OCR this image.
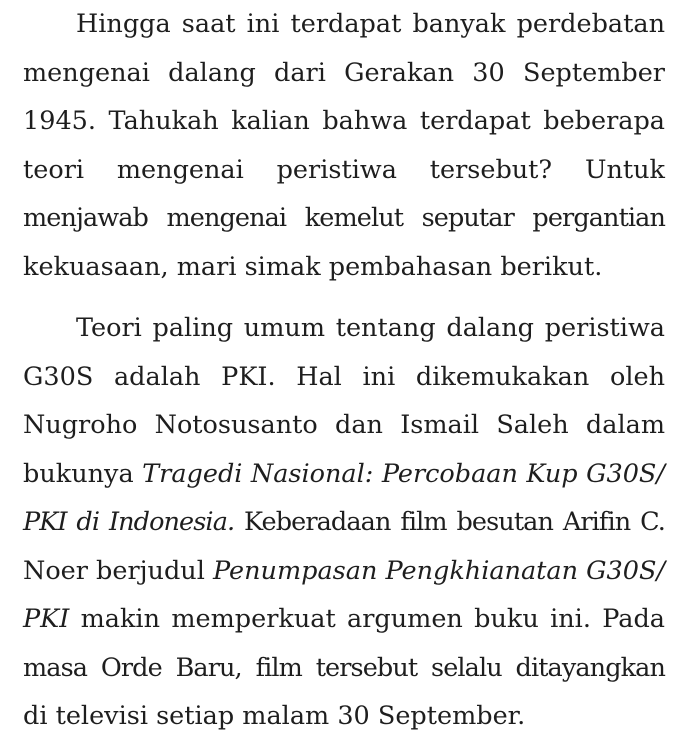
Hingga saat ini terdapat banyak perdebatan
mengenai dalang dari Gerakan 30 September
1945. Tahukah kalian bahwa terdapat beberapa
teori mengenai peristiwa tersebut? Untuk
menjawab mengenai kemelut seputar pergantian
kekuasaan, mari simak pembahasan berikut.
Teori paling umum tentang dalang peristiwa
G30S adalah PKI. Hal ini dikemukakan oleh
Nugroho Notosusanto dan Ismail Saleh dalam
bukunya Tragedi Nasional: Percobaan Kup G30S/
PKI di Indonesia. Keberadaan film besutan Arifin C.
Noer berjudul Penumpasan Pengkhianatan G30S/
PKI makin memperkuat argumen buku ini. Pada
masa Orde Baru, film tersebut selalu ditayangkan
di televisi setiap malam 30 September.
